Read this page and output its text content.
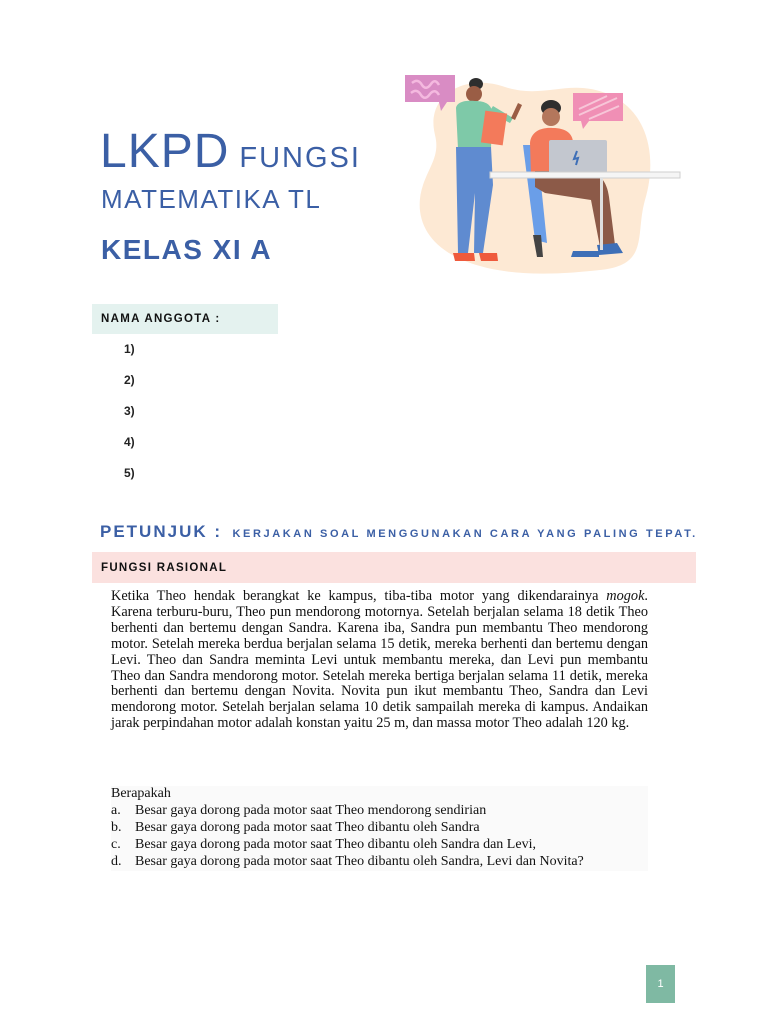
LKPD FUNGSI
MATEMATIKA TL
KELAS XI A
NAMA ANGGOTA :
1)
2)
3)
4)
5)
PETUNJUK : KERJAKAN SOAL MENGGUNAKAN CARA YANG PALING TEPAT.
FUNGSI RASIONAL

Ketika Theo hendak berangkat ke kampus, tiba-tiba motor yang dikendarainya mogok. Karena terburu-buru, Theo pun mendorong motornya. Setelah berjalan selama 18 detik Theo berhenti dan bertemu dengan Sandra. Karena iba, Sandra pun membantu Theo mendorong motor. Setelah mereka berdua berjalan selama 15 detik, mereka berhenti dan bertemu dengan Levi. Theo dan Sandra meminta Levi untuk membantu mereka, dan Levi pun membantu Theo dan Sandra mendorong motor. Setelah mereka bertiga berjalan selama 11 detik, mereka berhenti dan bertemu dengan Novita. Novita pun ikut membantu Theo, Sandra dan Levi mendorong motor. Setelah berjalan selama 10 detik sampailah mereka di kampus. Andaikan jarak perpindahan motor adalah konstan yaitu 25 m, dan massa motor Theo adalah 120 kg.

Berapakah

a.	Besar gaya dorong pada motor saat Theo mendorong sendirian
b. Besar gaya dorong pada motor saat Theo dibantu oleh Sandra
c.	Besar gaya dorong pada motor saat Theo dibantu oleh Sandra dan Levi,
d. Besar gaya dorong pada motor saat Theo dibantu oleh Sandra, Levi dan Novita?
1
